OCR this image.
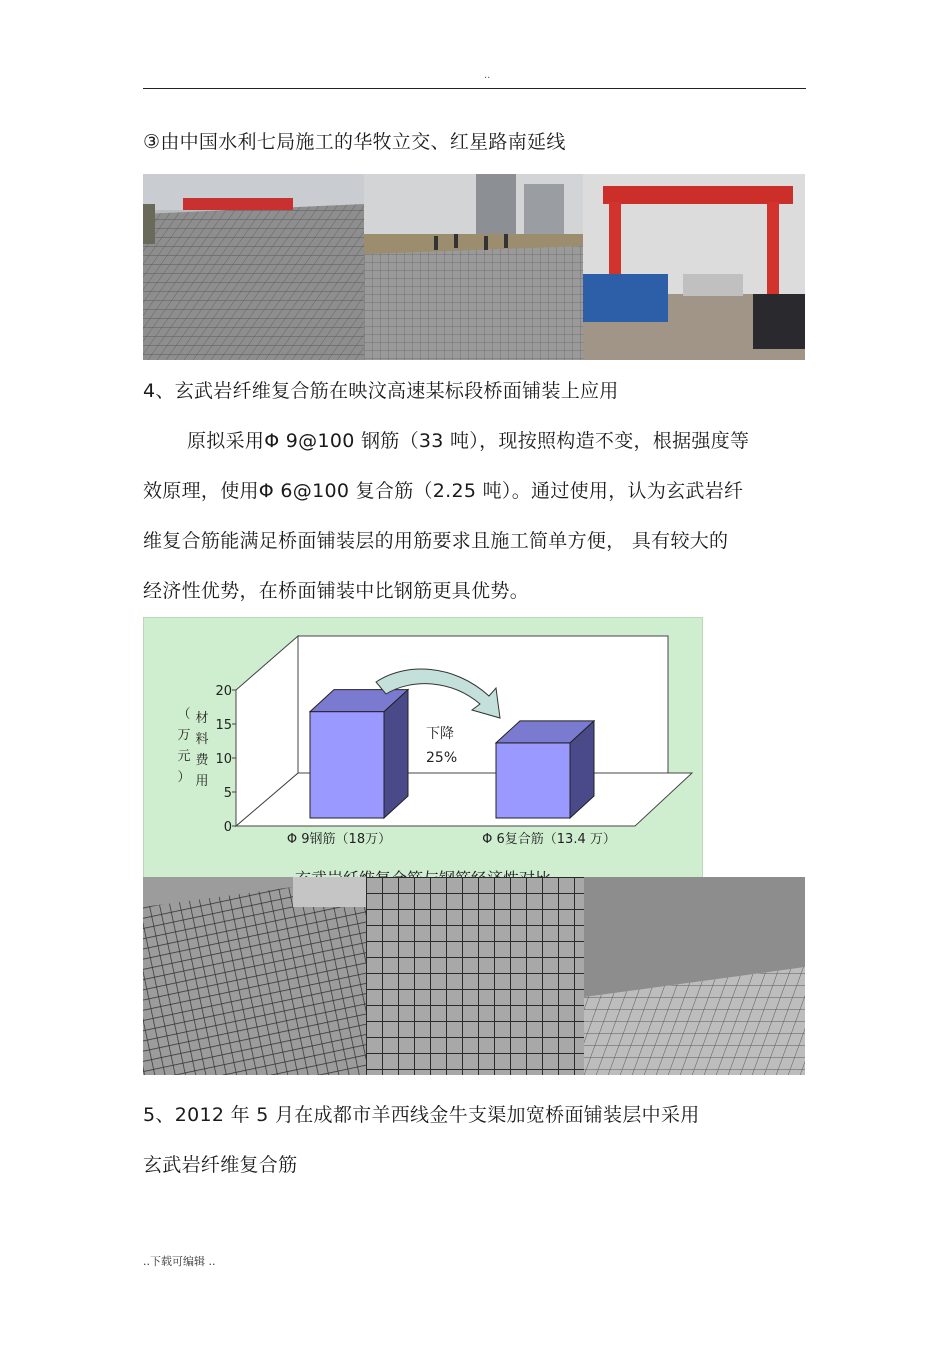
..
③由中国水利七局施工的华牧立交、红星路南延线
4、玄武岩纤维复合筋在映汶高速某标段桥面铺装上应用
原拟采用Φ 9@100 钢筋（33 吨），现按照构造不变，根据强度等
效原理，使用Φ 6@100 复合筋（2.25 吨）。通过使用，认为玄武岩纤
维复合筋能满足桥面铺装层的用筋要求且施工简单方便， 具有较大的
经济性优势，在桥面铺装中比钢筋更具优势。
0
5
10
15
20
下降
25%
（
万
元
）
材
料
费
用
Φ 9钢筋（18万）	Φ 6复合筋（13.4 万）
5、2012 年 5 月在成都市羊西线金牛支渠加宽桥面铺装层中采用
玄武岩纤维复合筋
..下载可编辑 ..
